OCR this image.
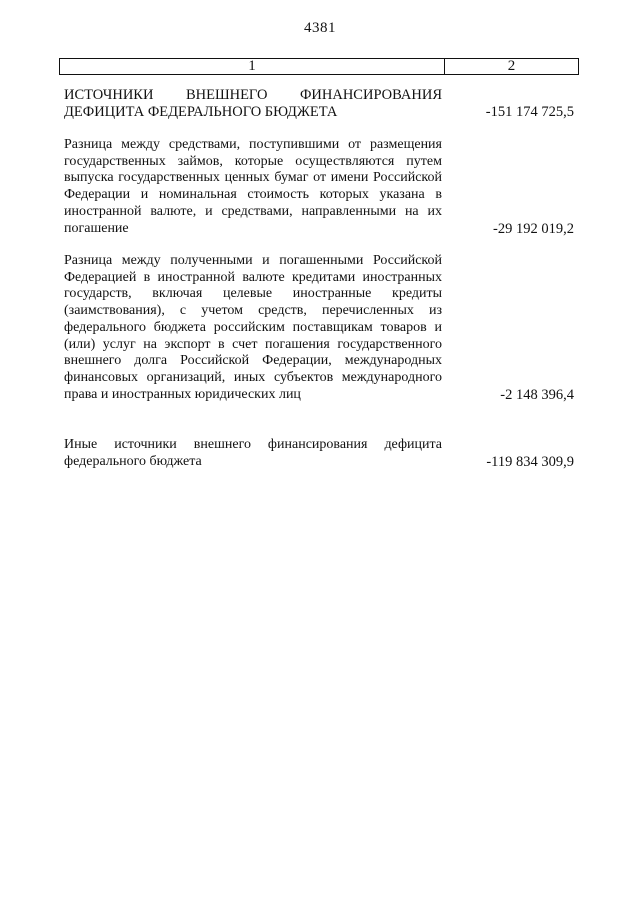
4381
1	2
ИСТОЧНИКИ ВНЕШНЕГО ФИНАНСИРОВАНИЯ ДЕФИЦИТА ФЕДЕРАЛЬНОГО БЮДЖЕТА	-151 174 725,5
Разница между средствами, поступившими от размещения государственных займов, которые осуществляются путем выпуска государственных ценных бумаг от имени Российской Федерации и номинальная стоимость которых указана в иностранной валюте, и средствами, направленными на их погашение	-29 192 019,2
Разница между полученными и погашенными Российской Федерацией в иностранной валюте кредитами иностранных государств, включая целевые иностранные кредиты (заимствования), с учетом средств, перечисленных из федерального бюджета российским поставщикам товаров и (или) услуг на экспорт в счет погашения государственного внешнего долга Российской Федерации, международных финансовых организаций, иных субъектов международного права и иностранных юридических лиц	-2 148 396,4
Иные источники внешнего финансирования дефицита федерального бюджета	-119 834 309,9
